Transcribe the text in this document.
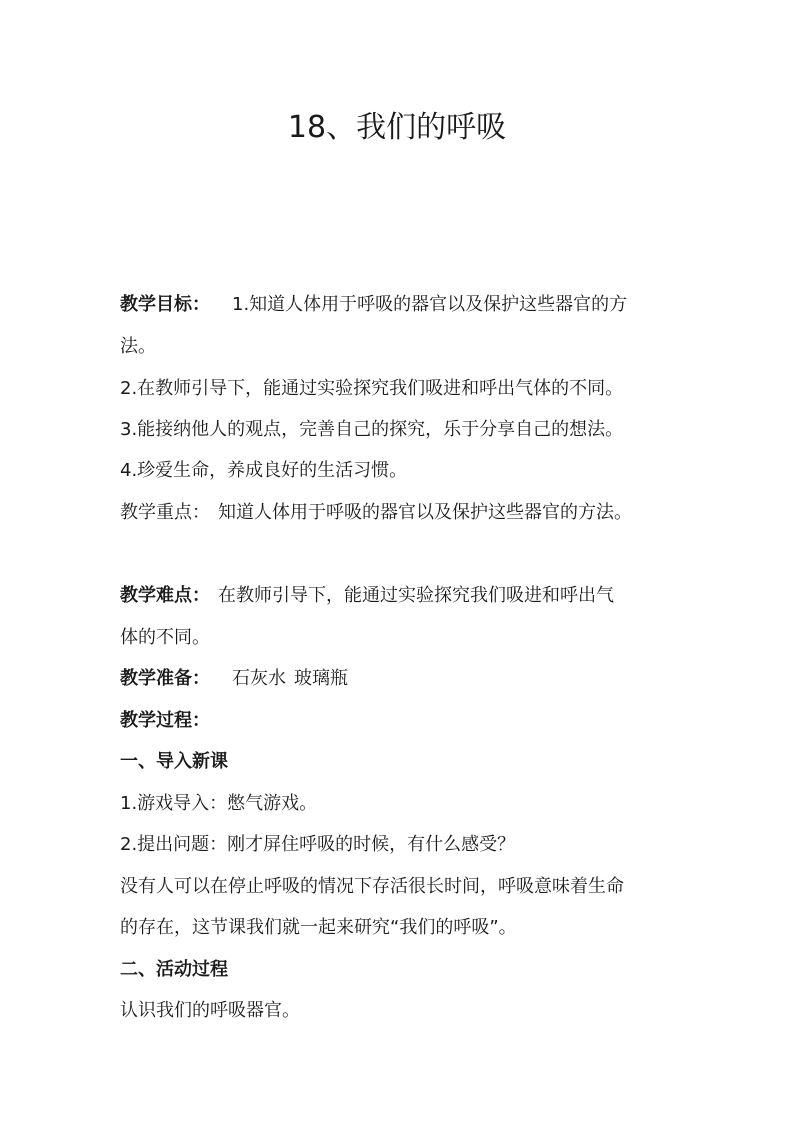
18、我们的呼吸
教学目标： 1.知道人体用于呼吸的器官以及保护这些器官的方
法。
2.在教师引导下，能通过实验探究我们吸进和呼出气体的不同。
3.能接纳他人的观点，完善自己的探究，乐于分享自己的想法。
4.珍爱生命，养成良好的生活习惯。
教学重点： 知道人体用于呼吸的器官以及保护这些器官的方法。
教学难点： 在教师引导下，能通过实验探究我们吸进和呼出气
体的不同。
教学准备： 石灰水 玻璃瓶
教学过程：
一、导入新课
1.游戏导入：憋气游戏。
2.提出问题：刚才屏住呼吸的时候，有什么感受？
没有人可以在停止呼吸的情况下存活很长时间，呼吸意味着生命
的存在，这节课我们就一起来研究“我们的呼吸”。
二、活动过程
认识我们的呼吸器官。
